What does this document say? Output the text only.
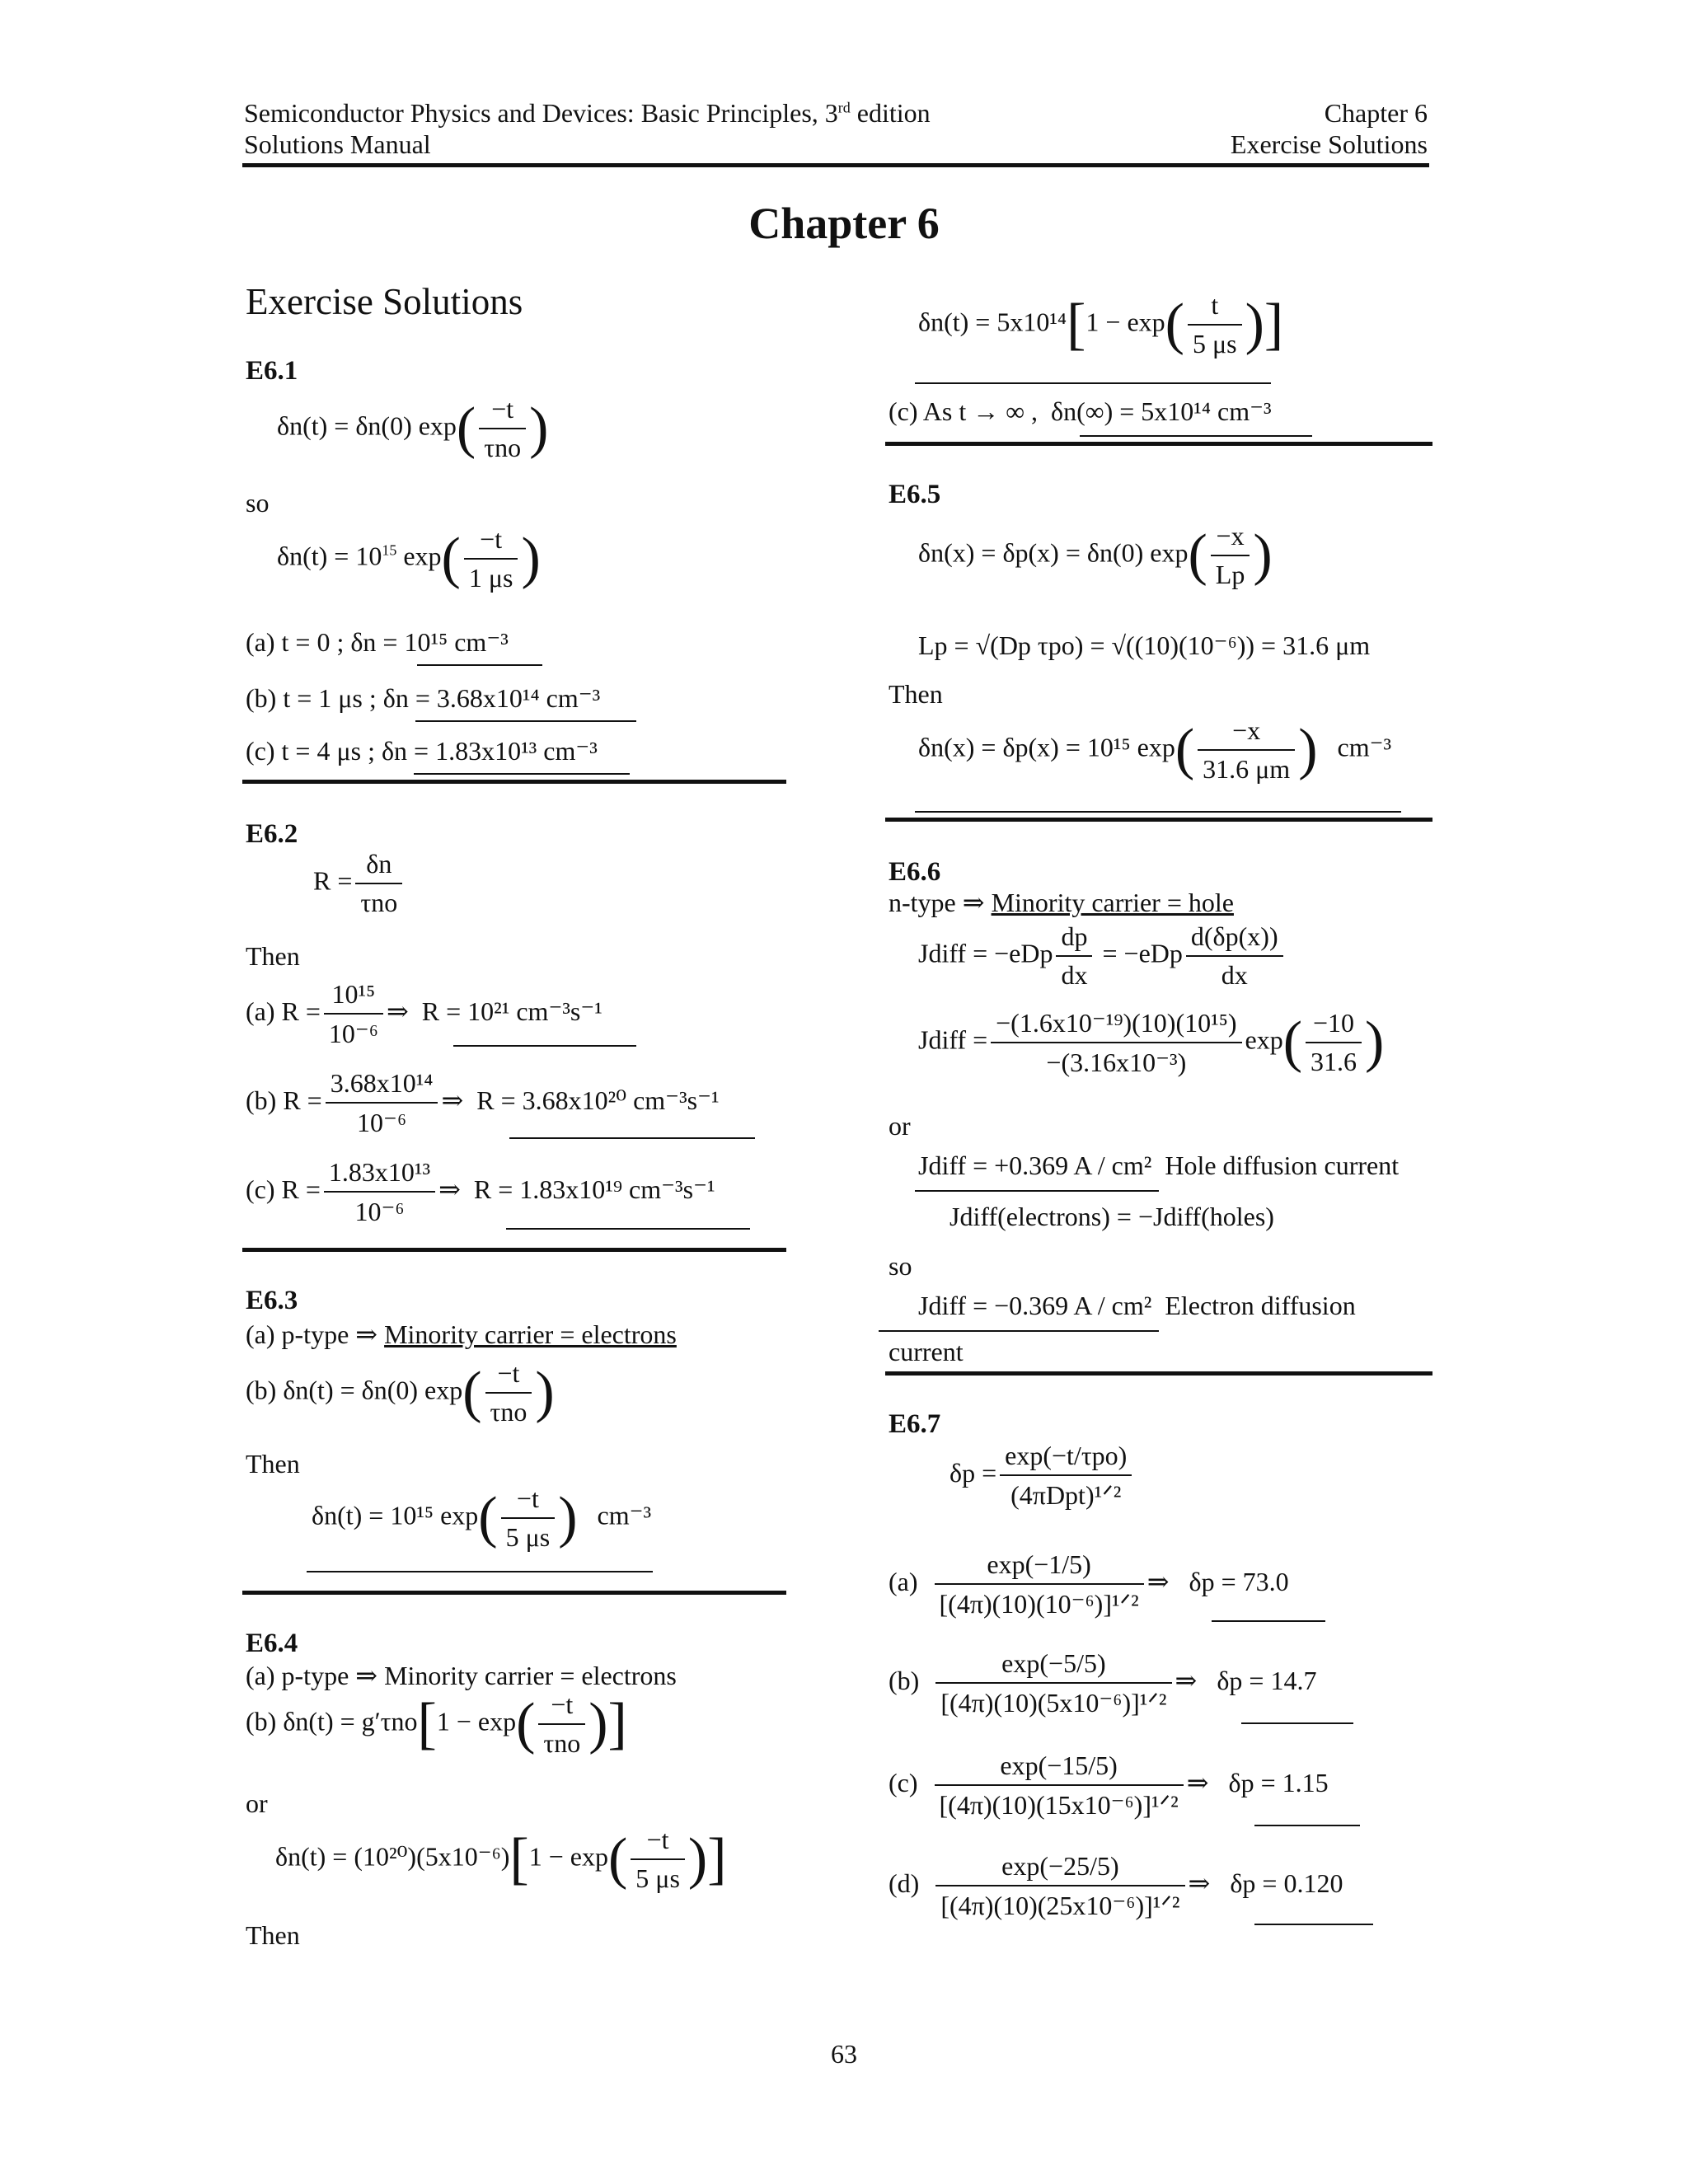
Semiconductor Physics and Devices: Basic Principles, 3rd edition
Solutions Manual
Chapter 6
Exercise Solutions
Chapter 6
Exercise Solutions
E6.1
δn(t) = δn(0) $\exp( \frac{-t}{\text{τno}}$ )
so
$\delta n(t) = 10^{15}$ $\exp( \frac{-t}{1 \mu s}$ )
(a) t = 0 ; δn = 10¹⁵ cm⁻³
(b) t = 1 μs ; δn = 3.68x10¹⁴ cm⁻³
(c) t = 4 μs ; δn = 1.83x10¹³ cm⁻³
E6.2
$R = \frac{\delta n}{\text{τno}}$
Then
(a) $R = \frac{\text{10¹⁵}}{\text{10⁻⁶}}$ ⇒ R = 10²¹ cm⁻³s⁻¹
(b) $R = \frac{\text{3.68x10¹⁴}}{\text{10⁻⁶}}$ ⇒ R = 3.68x10²⁰ cm⁻³s⁻¹
(c) $R = \frac{\text{1.83x10¹³}}{\text{10⁻⁶}}$ ⇒ R = 1.83x10¹⁹ cm⁻³s⁻¹
E6.3
(a) p-type ⇒ Minority carrier = electrons
(b) δn(t) = δn(0) $\exp( \frac{-t}{\text{τno}}$ )
Then
δn(t) = 10¹⁵ $\exp( \frac{-t}{5 \mu s}$ ) cm⁻³
E6.4
(a) p-type ⇒ Minority carrier = electrons
(b) $\delta n(t) = g'\tau no[1 - \exp( \frac{-t}{\text{τno}}$ )]
or
$\delta n(t) = (10^{20})(5x10^{-6})[1 - \exp( \frac{-t}{5 \mu s}$ )]
Then
$\delta n(t) = 5x10^{14}[1 - \exp( \frac{t}{5 \mu s}$ )]
(c) As t → ∞ , δn(∞) = 5x10¹⁴ cm⁻³
E6.5
δn(x) = δp(x) = δn(0) $\exp( \frac{-x}{Lp}$ )
Lp = √(Dp τpo) = √((10)(10⁻⁶)) = 31.6 μm
Then
δn(x) = δp(x) = 10¹⁵ $\exp( \frac{-x}{31.6 \mu m}$ ) cm⁻³
E6.6
n-type ⇒ Minority carrier = hole
Jdiff = $-eDp \frac{dp}{dx} = -eDp \frac{d(\delta p(x))}{dx}$
Jdiff = $\frac{\text{−(1.6x10⁻¹⁹)(10)(10¹⁵)}}{\text{−(3.16x10⁻³)}} \exp( \frac{-10}{31.6}$ )
or
Jdiff = +0.369 A / cm² Hole diffusion current
Jdiff(electrons) = −Jdiff(holes)
so
Jdiff = −0.369 A / cm² Electron diffusion
current
E6.7
$\delta p = \frac{\text{exp(−t/τpo)}}{\text{(4πDpt)¹ᐟ²}}$
$(a) \frac{\exp(-1/5)}{\text{[(4π)(10)(10⁻⁶)]¹ᐟ²}}$ ⇒ δp = 73.0
$(b) \frac{\exp(-5/5)}{\text{[(4π)(10)(5x10⁻⁶)]¹ᐟ²}}$ ⇒ δp = 14.7
$(c) \frac{\exp(-15/5)}{\text{[(4π)(10)(15x10⁻⁶)]¹ᐟ²}}$ ⇒ δp = 1.15
$(d) \frac{\exp(-25/5)}{\text{[(4π)(10)(25x10⁻⁶)]¹ᐟ²}}$ ⇒ δp = 0.120
63
